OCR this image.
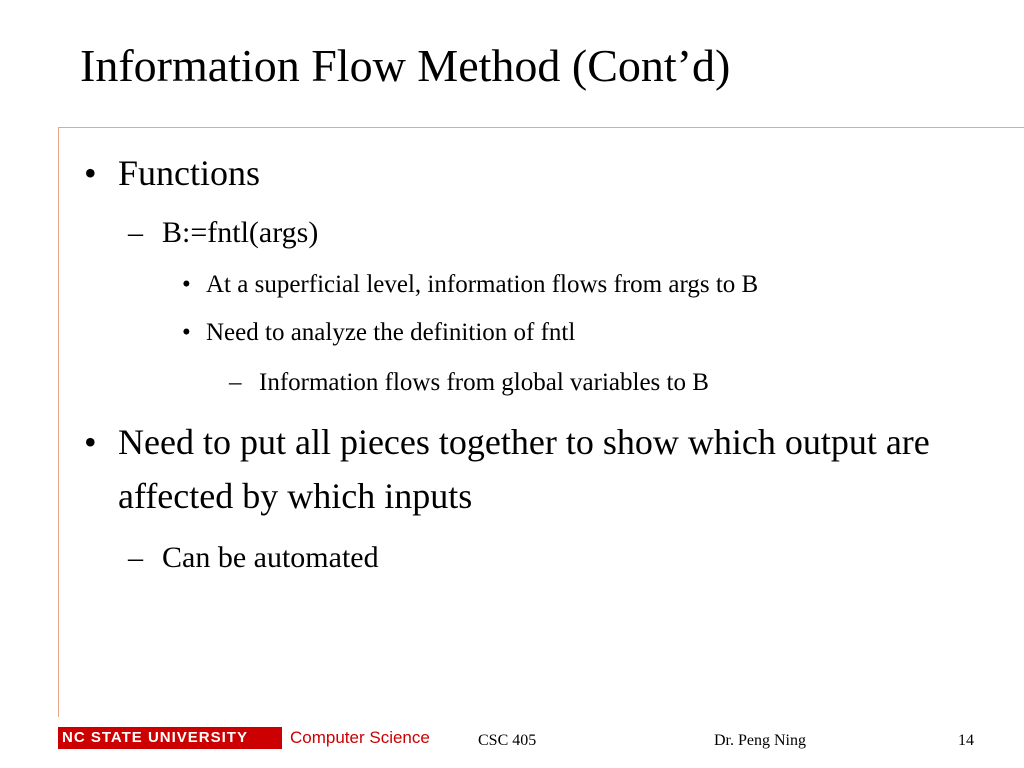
Information Flow Method (Cont’d)
• Functions
– B:=fntl(args)
• At a superficial level, information flows from args to B
• Need to analyze the definition of fntl
– Information flows from global variables to B
• Need to put all pieces together to show which output are affected by which inputs
– Can be automated
NC STATE UNIVERSITY	Computer Science	CSC 405	Dr. Peng Ning	14
